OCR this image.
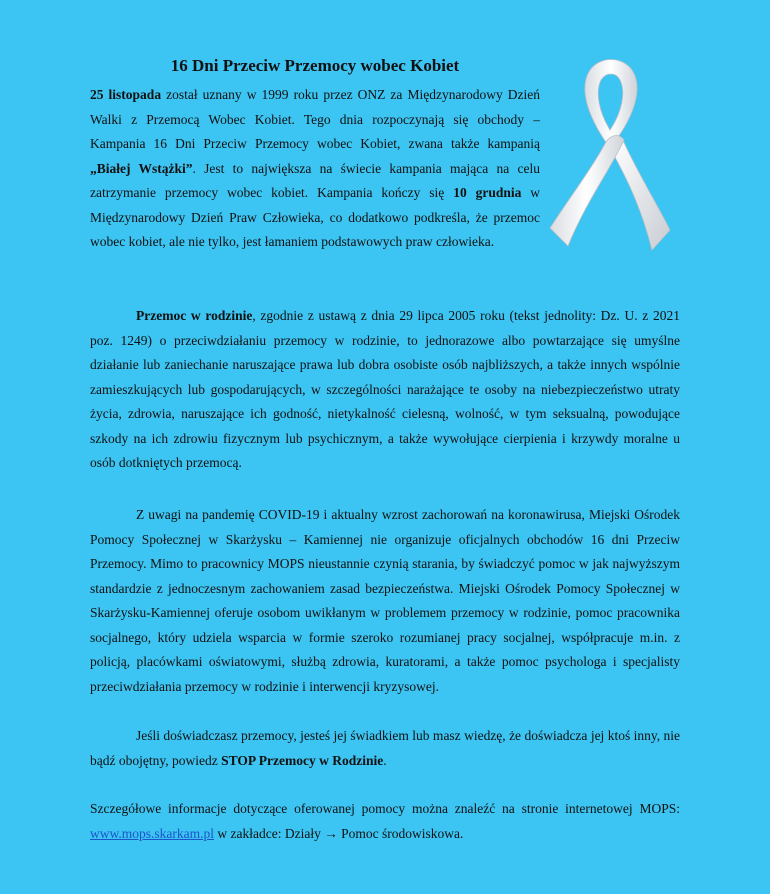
16 Dni Przeciw Przemocy wobec Kobiet

25 listopada został uznany w 1999 roku przez ONZ za Międzynarodowy Dzień Walki z Przemocą Wobec Kobiet. Tego dnia rozpoczynają się obchody – Kampania 16 Dni Przeciw Przemocy wobec Kobiet, zwana także kampanią „Białej Wstążki”. Jest to największa na świecie kampania mająca na celu zatrzymanie przemocy wobec kobiet. Kampania kończy się 10 grudnia w Międzynarodowy Dzień Praw Człowieka, co dodatkowo podkreśla, że przemoc wobec kobiet, ale nie tylko, jest łamaniem podstawowych praw człowieka.

Przemoc w rodzinie, zgodnie z ustawą z dnia 29 lipca 2005 roku (tekst jednolity: Dz. U. z 2021 poz. 1249) o przeciwdziałaniu przemocy w rodzinie, to jednorazowe albo powtarzające się umyślne działanie lub zaniechanie naruszające prawa lub dobra osobiste osób najbliższych, a także innych wspólnie zamieszkujących lub gospodarujących, w szczególności narażające te osoby na niebezpieczeństwo utraty życia, zdrowia, naruszające ich godność, nietykalność cielesną, wolność, w tym seksualną, powodujące szkody na ich zdrowiu fizycznym lub psychicznym, a także wywołujące cierpienia i krzywdy moralne u osób dotkniętych przemocą.

Z uwagi na pandemię COVID-19 i aktualny wzrost zachorowań na koronawirusa, Miejski Ośrodek Pomocy Społecznej w Skarżysku – Kamiennej nie organizuje oficjalnych obchodów 16 dni Przeciw Przemocy. Mimo to pracownicy MOPS nieustannie czynią starania, by świadczyć pomoc w jak najwyższym standardzie z jednoczesnym zachowaniem zasad bezpieczeństwa. Miejski Ośrodek Pomocy Społecznej w Skarżysku-Kamiennej oferuje osobom uwikłanym w problemem przemocy w rodzinie, pomoc pracownika socjalnego, który udziela wsparcia w formie szeroko rozumianej pracy socjalnej, współpracuje m.in. z policją, placówkami oświatowymi, służbą zdrowia, kuratorami, a także pomoc psychologa i specjalisty przeciwdziałania przemocy w rodzinie i interwencji kryzysowej.

Jeśli doświadczasz przemocy, jesteś jej świadkiem lub masz wiedzę, że doświadcza jej ktoś inny, nie bądź obojętny, powiedz STOP Przemocy w Rodzinie.

Szczegółowe informacje dotyczące oferowanej pomocy można znaleźć na stronie internetowej MOPS: www.mops.skarkam.pl w zakładce: Działy → Pomoc środowiskowa.
